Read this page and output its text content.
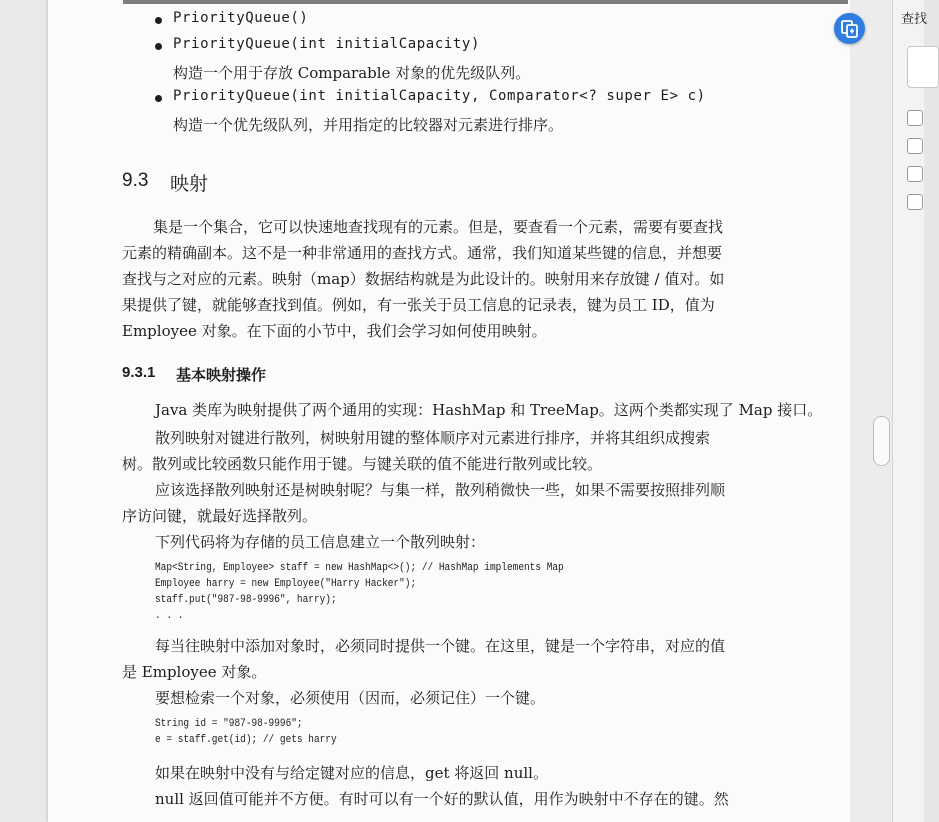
PriorityQueue()
PriorityQueue(int initialCapacity)
构造一个用于存放 Comparable 对象的优先级队列。
PriorityQueue(int initialCapacity, Comparator<? super E> c)
构造一个优先级队列，并用指定的比较器对元素进行排序。
9.3 映射
集是一个集合，它可以快速地查找现有的元素。但是，要查看一个元素，需要有要查找
元素的精确副本。这不是一种非常通用的查找方式。通常，我们知道某些键的信息，并想要
查找与之对应的元素。映射（map）数据结构就是为此设计的。映射用来存放键 / 值对。如
果提供了键，就能够查找到值。例如，有一张关于员工信息的记录表，键为员工 ID，值为
Employee 对象。在下面的小节中，我们会学习如何使用映射。
9.3.1 基本映射操作
Java 类库为映射提供了两个通用的实现：HashMap 和 TreeMap。这两个类都实现了 Map 接口。
散列映射对键进行散列，树映射用键的整体顺序对元素进行排序，并将其组织成搜索
树。散列或比较函数只能作用于键。与键关联的值不能进行散列或比较。
应该选择散列映射还是树映射呢？与集一样，散列稍微快一些，如果不需要按照排列顺
序访问键，就最好选择散列。
下列代码将为存储的员工信息建立一个散列映射：
Map<String, Employee> staff = new HashMap<>(); // HashMap implements Map
Employee harry = new Employee("Harry Hacker");
staff.put("987-98-9996", harry);
. . .
每当往映射中添加对象时，必须同时提供一个键。在这里，键是一个字符串，对应的值
是 Employee 对象。
要想检索一个对象，必须使用（因而，必须记住）一个键。
String id = "987-98-9996";
e = staff.get(id); // gets harry
如果在映射中没有与给定键对应的信息，get 将返回 null。
null 返回值可能并不方便。有时可以有一个好的默认值，用作为映射中不存在的键。然
查找
